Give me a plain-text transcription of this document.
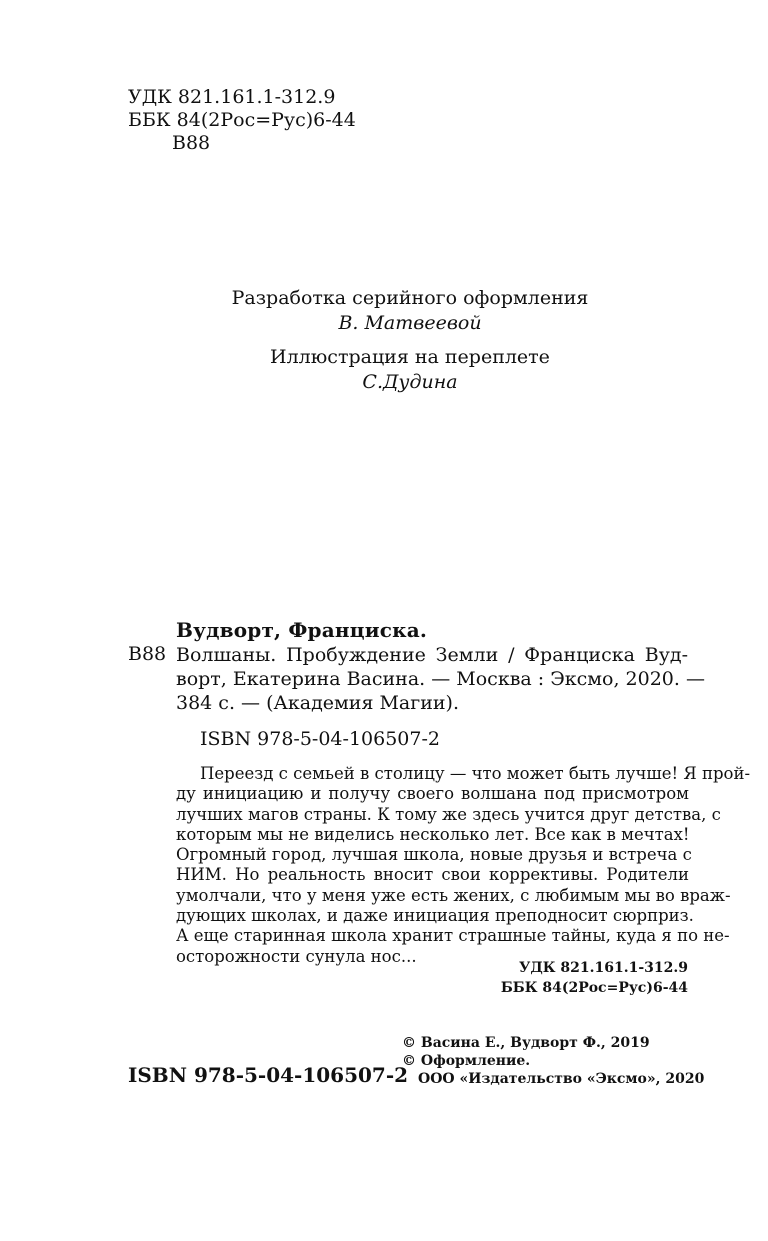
УДК 821.161.1-312.9
ББК 84(2Рос=Рус)6-44
В88
Разработка серийного оформления
В. Матвеевой
Иллюстрация на переплете
С.Дудина
Вудворт, Франциска.
В88 Волшаны. Пробуждение Земли / Франциска Вуд-
ворт, Екатерина Васина. — Москва : Эксмо, 2020. —
384 с. — (Академия Магии).
ISBN 978-5-04-106507-2
Переезд с семьей в столицу — что может быть лучше! Я прой-
ду инициацию и получу своего волшана под присмотром
лучших магов страны. К тому же здесь учится друг детства, с
которым мы не виделись несколько лет. Все как в мечтах!
Огромный город, лучшая школа, новые друзья и встреча с
НИМ. Но реальность вносит свои коррективы. Родители
умолчали, что у меня уже есть жених, с любимым мы во враж-
дующих школах, и даже инициация преподносит сюрприз.
А еще старинная школа хранит страшные тайны, куда я по не-
осторожности сунула нос...
УДК 821.161.1-312.9
ББК 84(2Рос=Рус)6-44
ISBN 978-5-04-106507-2
© Васина Е., Вудворт Ф., 2019
© Оформление.
ООО «Издательство «Эксмо», 2020
